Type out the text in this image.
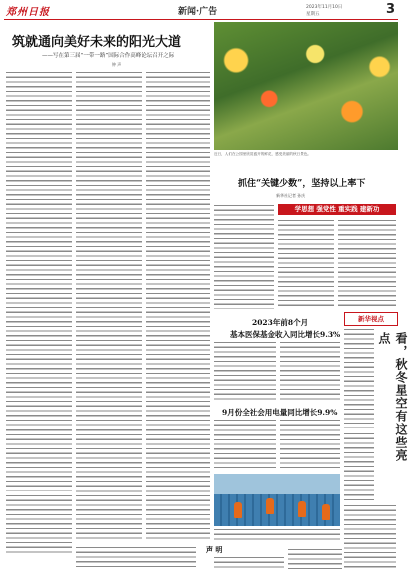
郑州日报	新闻·广告	2023年11月10日
星期五	3
筑就通向美好未来的阳光大道
——写在第三届“一带一路”国际合作高峰论坛召开之际
钟 声
近日，人们在公园里欣赏盛开的鲜花，感受美丽的秋日景色。
抓住“关键少数”，坚持以上率下
新华社记者 孙庆
学思想 强党性 重实践 建新功
新华视点
看，秋冬星空有这些亮点
2023年前8个月
基本医保基金收入同比增长9.3%
9月份全社会用电量同比增长9.9%
声 明
